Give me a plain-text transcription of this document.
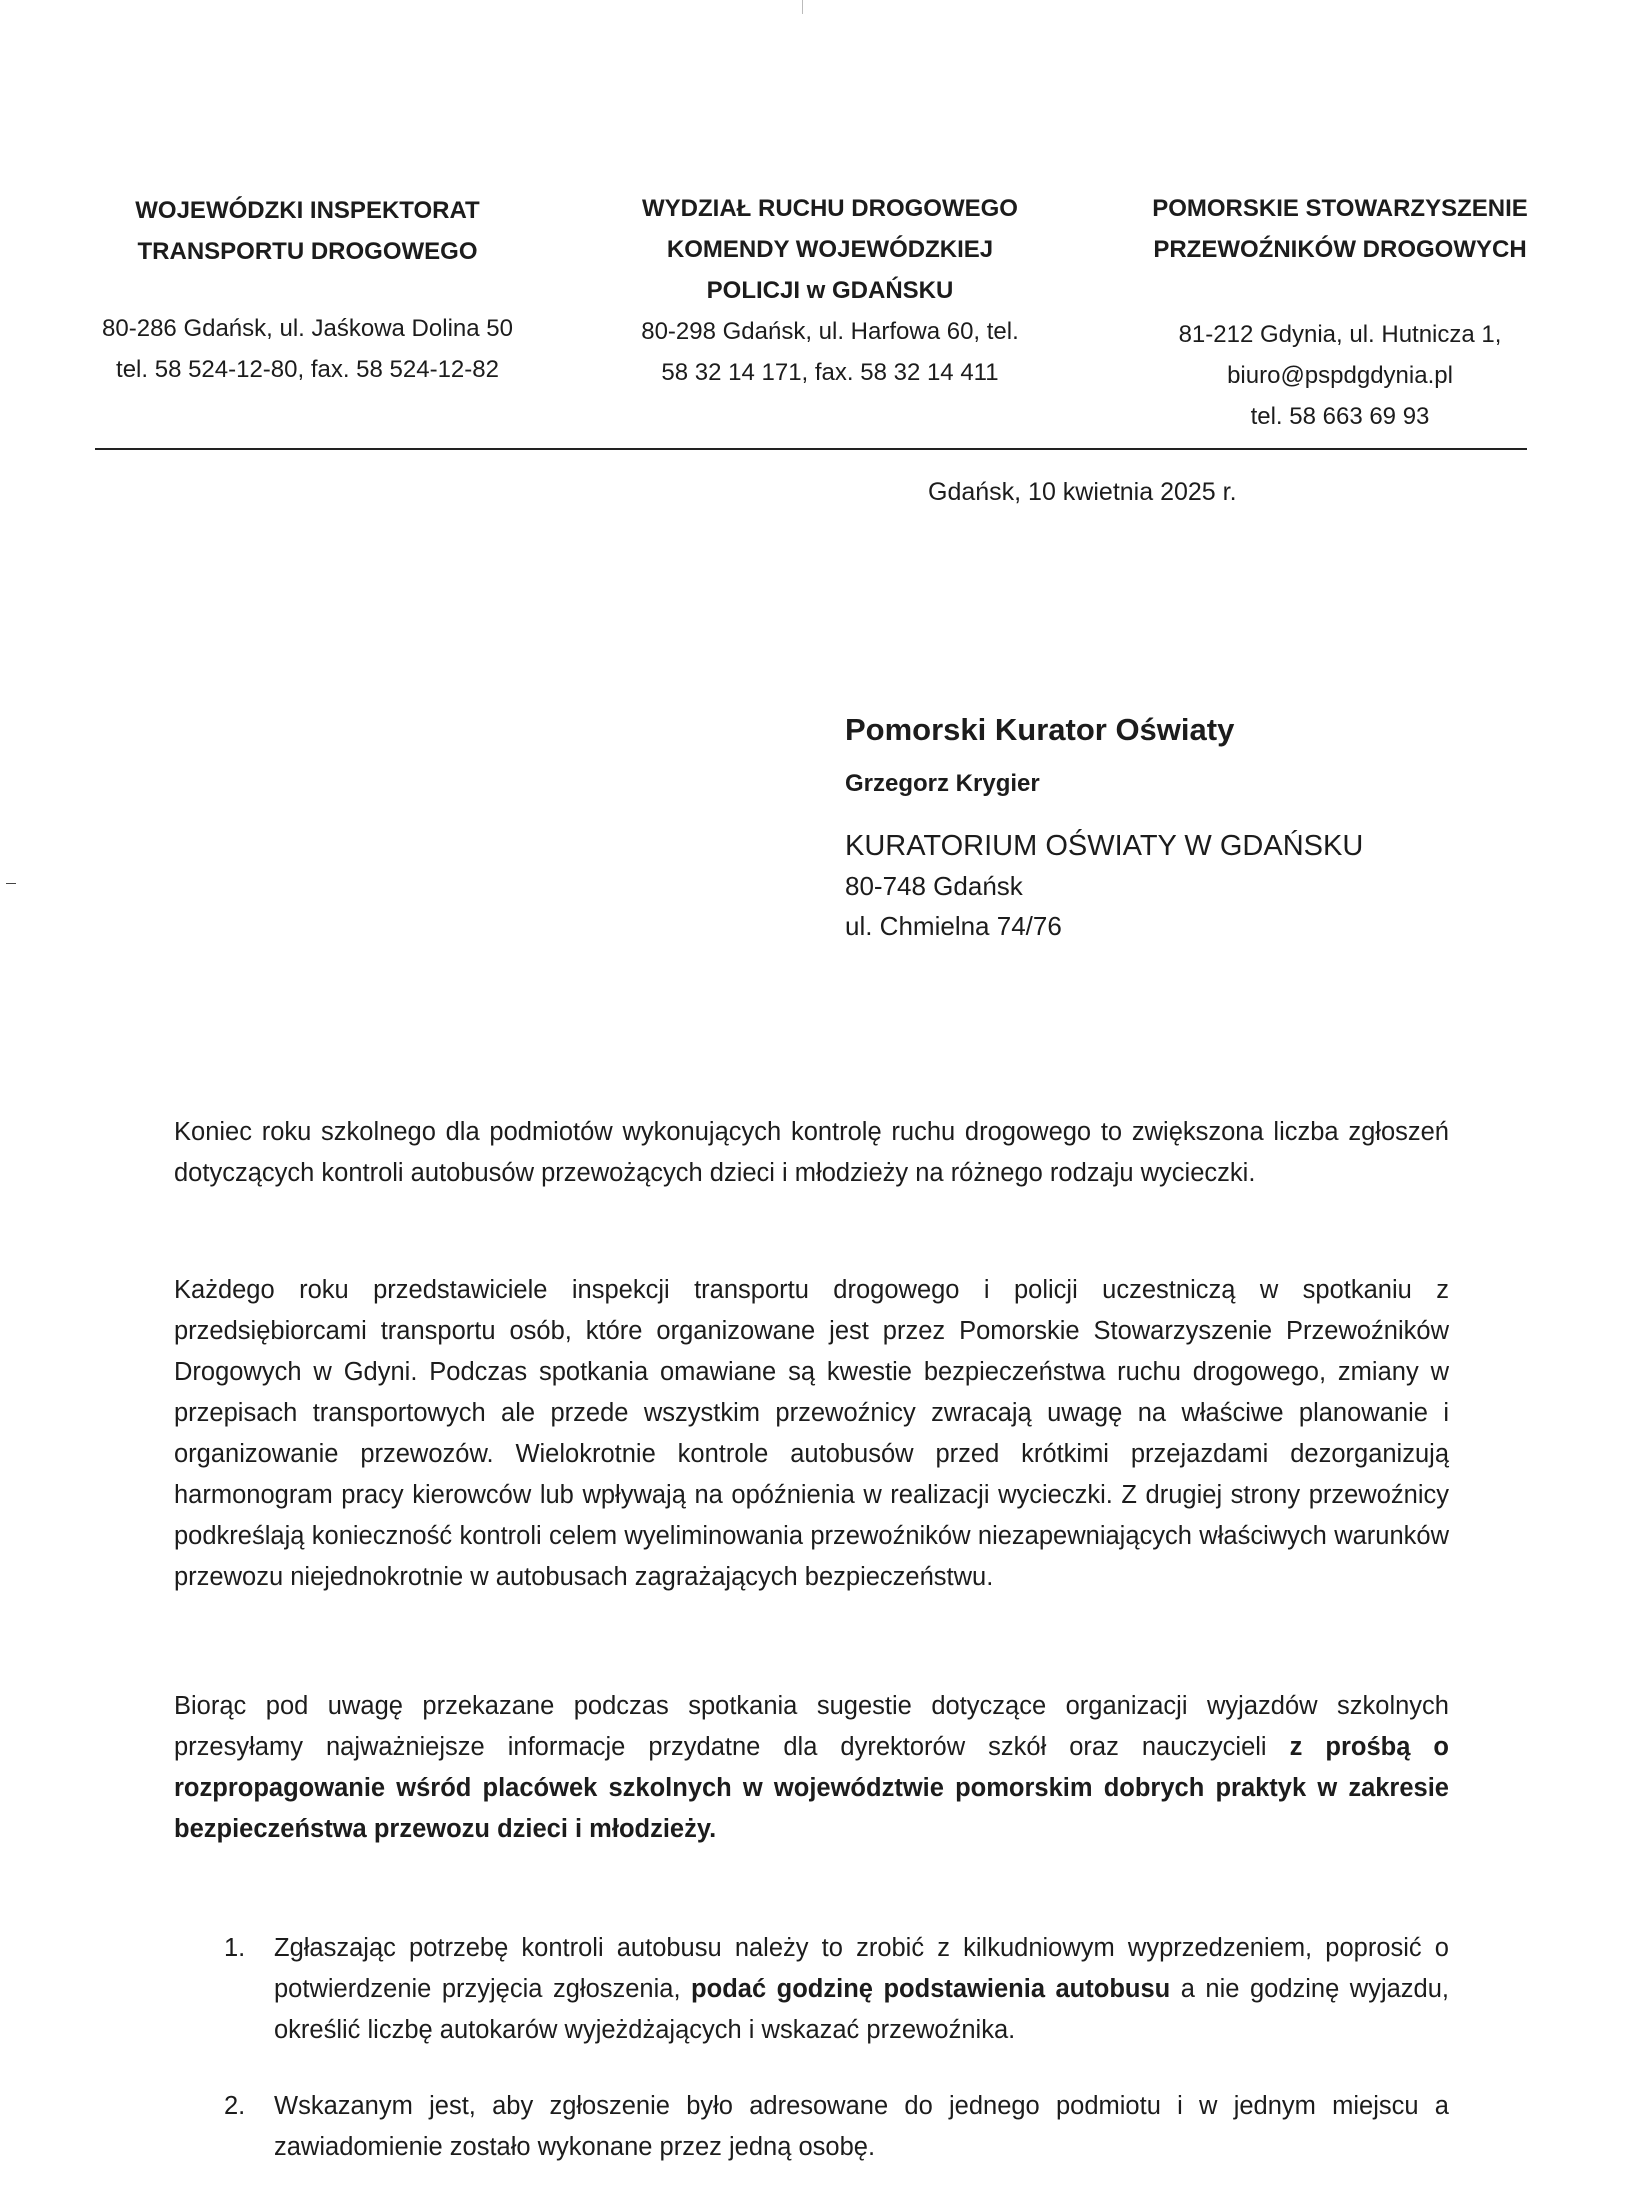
WOJEWÓDZKI INSPEKTORAT
TRANSPORTU DROGOWEGO
80-286 Gdańsk, ul. Jaśkowa Dolina 50
tel. 58 524-12-80, fax. 58 524-12-82
WYDZIAŁ RUCHU DROGOWEGO
KOMENDY WOJEWÓDZKIEJ
POLICJI w GDAŃSKU
80-298 Gdańsk, ul. Harfowa 60, tel.
58 32 14 171, fax. 58 32 14 411
POMORSKIE STOWARZYSZENIE
PRZEWOŹNIKÓW DROGOWYCH
81-212 Gdynia, ul. Hutnicza 1,
biuro@pspdgdynia.pl
tel. 58 663 69 93
Gdańsk, 10 kwietnia 2025 r.
Pomorski Kurator Oświaty
Grzegorz Krygier
KURATORIUM OŚWIATY W GDAŃSKU
80-748 Gdańsk
ul. Chmielna 74/76

Koniec roku szkolnego dla podmiotów wykonujących kontrolę ruchu drogowego to zwiększona liczba zgłoszeń dotyczących kontroli autobusów przewożących dzieci i młodzieży na różnego rodzaju wycieczki.

Każdego roku przedstawiciele inspekcji transportu drogowego i policji uczestniczą w spotkaniu z przedsiębiorcami transportu osób, które organizowane jest przez Pomorskie Stowarzyszenie Przewoźników Drogowych w Gdyni. Podczas spotkania omawiane są kwestie bezpieczeństwa ruchu drogowego, zmiany w przepisach transportowych ale przede wszystkim przewoźnicy zwracają uwagę na właściwe planowanie i organizowanie przewozów. Wielokrotnie kontrole autobusów przed krótkimi przejazdami dezorganizują harmonogram pracy kierowców lub wpływają na opóźnienia w realizacji wycieczki. Z drugiej strony przewoźnicy podkreślają konieczność kontroli celem wyeliminowania przewoźników niezapewniających właściwych warunków przewozu niejednokrotnie w autobusach zagrażających bezpieczeństwu.

Biorąc pod uwagę przekazane podczas spotkania sugestie dotyczące organizacji wyjazdów szkolnych przesyłamy najważniejsze informacje przydatne dla dyrektorów szkół oraz nauczycieli z prośbą o rozpropagowanie wśród placówek szkolnych w województwie pomorskim dobrych praktyk w zakresie bezpieczeństwa przewozu dzieci i młodzieży.

1. Zgłaszając potrzebę kontroli autobusu należy to zrobić z kilkudniowym wyprzedzeniem, poprosić o potwierdzenie przyjęcia zgłoszenia, podać godzinę podstawienia autobusu a nie godzinę wyjazdu, określić liczbę autokarów wyjeżdżających i wskazać przewoźnika.
2. Wskazanym jest, aby zgłoszenie było adresowane do jednego podmiotu i w jednym miejscu a zawiadomienie zostało wykonane przez jedną osobę.
